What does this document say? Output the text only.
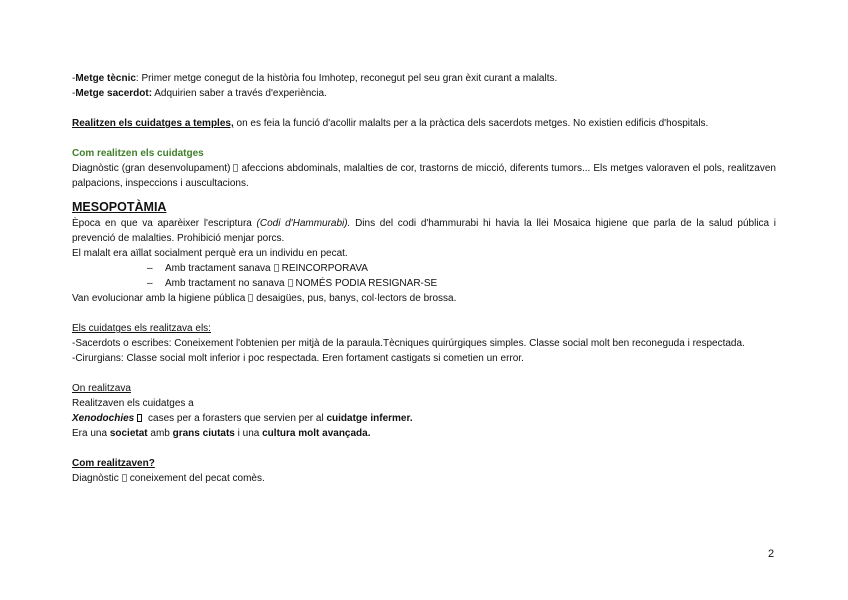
-Metge tècnic: Primer metge conegut de la història fou Imhotep, reconegut pel seu gran èxit curant a malalts.

-Metge sacerdot: Adquirien saber a través d'experiència.

Realitzen els cuidatges a temples, on es feia la funció d'acollir malalts per a la pràctica dels sacerdots metges. No existien edificis d'hospitals.

Com realitzen els cuidatges

Diagnòstic (gran desenvolupament) afeccions abdominals, malalties de cor, trastorns de micció, diferents tumors... Els metges valoraven el pols, realitzaven palpacions, inspeccions i auscultacions.

MESOPOTÀMIA

Època en que va aparèixer l'escriptura (Codi d'Hammurabi). Dins del codi d'hammurabi hi havia la llei Mosaica higiene que parla de la salud pública i prevenció de malalties. Prohibició menjar porcs.

El malalt era aïllat socialment perquè era un individu en pecat.

– Amb tractament sanava REINCORPORAVA
– Amb tractament no sanava NOMÉS PODIA RESIGNAR-SE

Van evolucionar amb la higiene pública desaigües, pus, banys, col·lectors de brossa.

Els cuidatges els realitzava els:

-Sacerdots o escribes: Coneixement l'obtenien per mitjà de la paraula.Tècniques quirúrgiques simples. Classe social molt ben reconeguda i respectada.

-Cirurgians: Classe social molt inferior i poc respectada. Eren fortament castigats si cometien un error.

On realitzava

Realitzaven els cuidatges a

Xenodochies cases per a forasters que servien per al cuidatge infermer.

Era una societat amb grans ciutats i una cultura molt avançada.

Com realitzaven?

Diagnòstic coneixement del pecat comès.

2
